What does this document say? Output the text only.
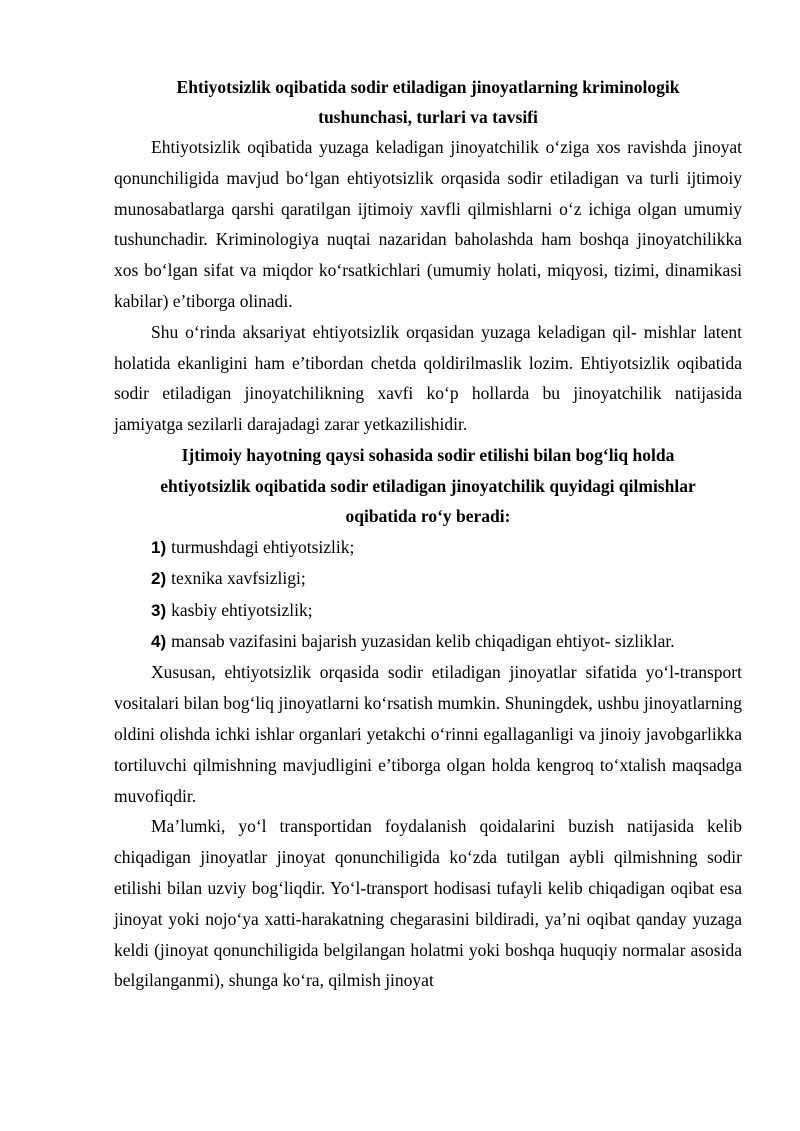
Ehtiyotsizlik oqibatida sodir etiladigan jinoyatlarning kriminologik
tushunchasi, turlari va tavsifi

Ehtiyotsizlik oqibatida yuzaga keladigan jinoyatchilik o‘ziga xos ravishda jinoyat qonunchiligida mavjud bo‘lgan ehtiyotsizlik orqasida sodir etiladigan va turli ijtimoiy munosabatlarga qarshi qaratilgan ijtimoiy xavfli qilmishlarni o‘z ichiga olgan umumiy tushunchadir. Kriminologiya nuqtai nazaridan baholashda ham boshqa jinoyatchilikka xos bo‘lgan sifat va miqdor ko‘rsatkichlari (umumiy holati, miqyosi, tizimi, dinamikasi kabilar) e’tiborga olinadi.

Shu o‘rinda aksariyat ehtiyotsizlik orqasidan yuzaga keladigan qil- mishlar latent holatida ekanligini ham e’tibordan chetda qoldirilmaslik lozim. Ehtiyotsizlik oqibatida sodir etiladigan jinoyatchilikning xavfi ko‘p hollarda bu jinoyatchilik natijasida jamiyatga sezilarli darajadagi zarar yetkazilishidir.

Ijtimoiy hayotning qaysi sohasida sodir etilishi bilan bog‘liq holda
ehtiyotsizlik oqibatida sodir etiladigan jinoyatchilik quyidagi qilmishlar
oqibatida ro‘y beradi:
1) turmushdagi ehtiyotsizlik;
2) texnika xavfsizligi;
3) kasbiy ehtiyotsizlik;
4) mansab vazifasini bajarish yuzasidan kelib chiqadigan ehtiyot- sizliklar.

Xususan, ehtiyotsizlik orqasida sodir etiladigan jinoyatlar sifatida yo‘l-transport vositalari bilan bog‘liq jinoyatlarni ko‘rsatish mumkin. Shuningdek, ushbu jinoyatlarning oldini olishda ichki ishlar organlari yetakchi o‘rinni egallaganligi va jinoiy javobgarlikka tortiluvchi qilmishning mavjudligini e’tiborga olgan holda kengroq to‘xtalish maqsadga muvofiqdir.

Ma’lumki, yo‘l transportidan foydalanish qoidalarini buzish natijasida kelib chiqadigan jinoyatlar jinoyat qonunchiligida ko‘zda tutilgan aybli qilmishning sodir etilishi bilan uzviy bog‘liqdir. Yo‘l-transport hodisasi tufayli kelib chiqadigan oqibat esa jinoyat yoki nojo‘ya xatti-harakatning chegarasini bildiradi, ya’ni oqibat qanday yuzaga keldi (jinoyat qonunchiligida belgilangan holatmi yoki boshqa huquqiy normalar asosida belgilanganmi), shunga ko‘ra, qilmish jinoyat
